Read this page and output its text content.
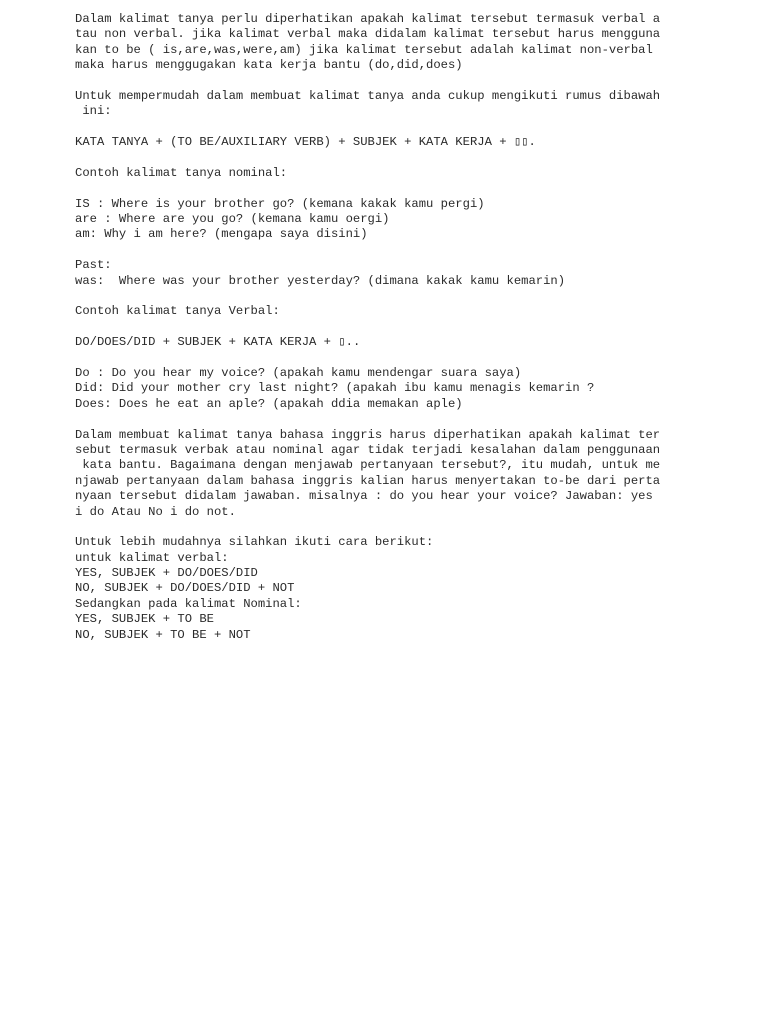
Dalam kalimat tanya perlu diperhatikan apakah kalimat tersebut termasuk verbal a
tau non verbal. jika kalimat verbal maka didalam kalimat tersebut harus mengguna
kan to be ( is,are,was,were,am) jika kalimat tersebut adalah kalimat non-verbal
maka harus menggugakan kata kerja bantu (do,did,does)
Untuk mempermudah dalam membuat kalimat tanya anda cukup mengikuti rumus dibawah
ini:
KATA TANYA + (TO BE/AUXILIARY VERB) + SUBJEK + KATA KERJA + ▯▯.
Contoh kalimat tanya nominal:
IS : Where is your brother go? (kemana kakak kamu pergi)
are : Where are you go? (kemana kamu oergi)
am: Why i am here? (mengapa saya disini)
Past:
was:  Where was your brother yesterday? (dimana kakak kamu kemarin)
Contoh kalimat tanya Verbal:
DO/DOES/DID + SUBJEK + KATA KERJA + ▯..
Do : Do you hear my voice? (apakah kamu mendengar suara saya)
Did: Did your mother cry last night? (apakah ibu kamu menagis kemarin ?
Does: Does he eat an aple? (apakah ddia memakan aple)
Dalam membuat kalimat tanya bahasa inggris harus diperhatikan apakah kalimat ter
sebut termasuk verbak atau nominal agar tidak terjadi kesalahan dalam penggunaan
kata bantu. Bagaimana dengan menjawab pertanyaan tersebut?, itu mudah, untuk me
njawab pertanyaan dalam bahasa inggris kalian harus menyertakan to-be dari perta
nyaan tersebut didalam jawaban. misalnya : do you hear your voice? Jawaban: yes
i do Atau No i do not.
Untuk lebih mudahnya silahkan ikuti cara berikut:
untuk kalimat verbal:
YES, SUBJEK + DO/DOES/DID
NO, SUBJEK + DO/DOES/DID + NOT
Sedangkan pada kalimat Nominal:
YES, SUBJEK + TO BE
NO, SUBJEK + TO BE + NOT
